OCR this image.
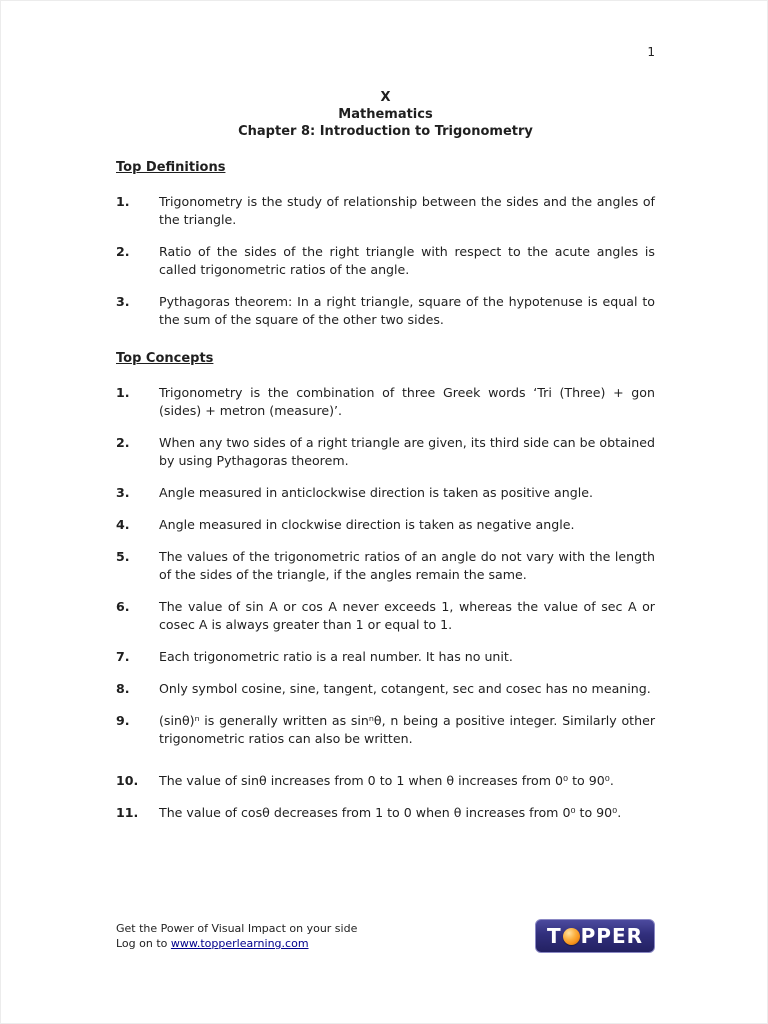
1
X
Mathematics
Chapter 8: Introduction to Trigonometry
Top Definitions
1.	Trigonometry is the study of relationship between the sides and the angles of the triangle.
2.	Ratio of the sides of the right triangle with respect to the acute angles is called trigonometric ratios of the angle.
3.	Pythagoras theorem: In a right triangle, square of the hypotenuse is equal to the sum of the square of the other two sides.
Top Concepts
1.	Trigonometry is the combination of three Greek words ‘Tri (Three) + gon (sides) + metron (measure)’.
2.	When any two sides of a right triangle are given, its third side can be obtained by using Pythagoras theorem.
3.	Angle measured in anticlockwise direction is taken as positive angle.
4.	Angle measured in clockwise direction is taken as negative angle.
5.	The values of the trigonometric ratios of an angle do not vary with the length of the sides of the triangle, if the angles remain the same.
6.	The value of sin A or cos A never exceeds 1, whereas the value of sec A or cosec A is always greater than 1 or equal to 1.
7.	Each trigonometric ratio is a real number. It has no unit.
8.	Only symbol cosine, sine, tangent, cotangent, sec and cosec has no meaning.
9.	(sinθ)ⁿ is generally written as sinⁿθ, n being a positive integer. Similarly other trigonometric ratios can also be written.
10.	The value of sinθ increases from 0 to 1 when θ increases from 0⁰ to 90⁰.
11.	The value of cosθ decreases from 1 to 0 when θ increases from 0⁰ to 90⁰.
Get the Power of Visual Impact on your side
Log on to www.topperlearning.com	T PPER
